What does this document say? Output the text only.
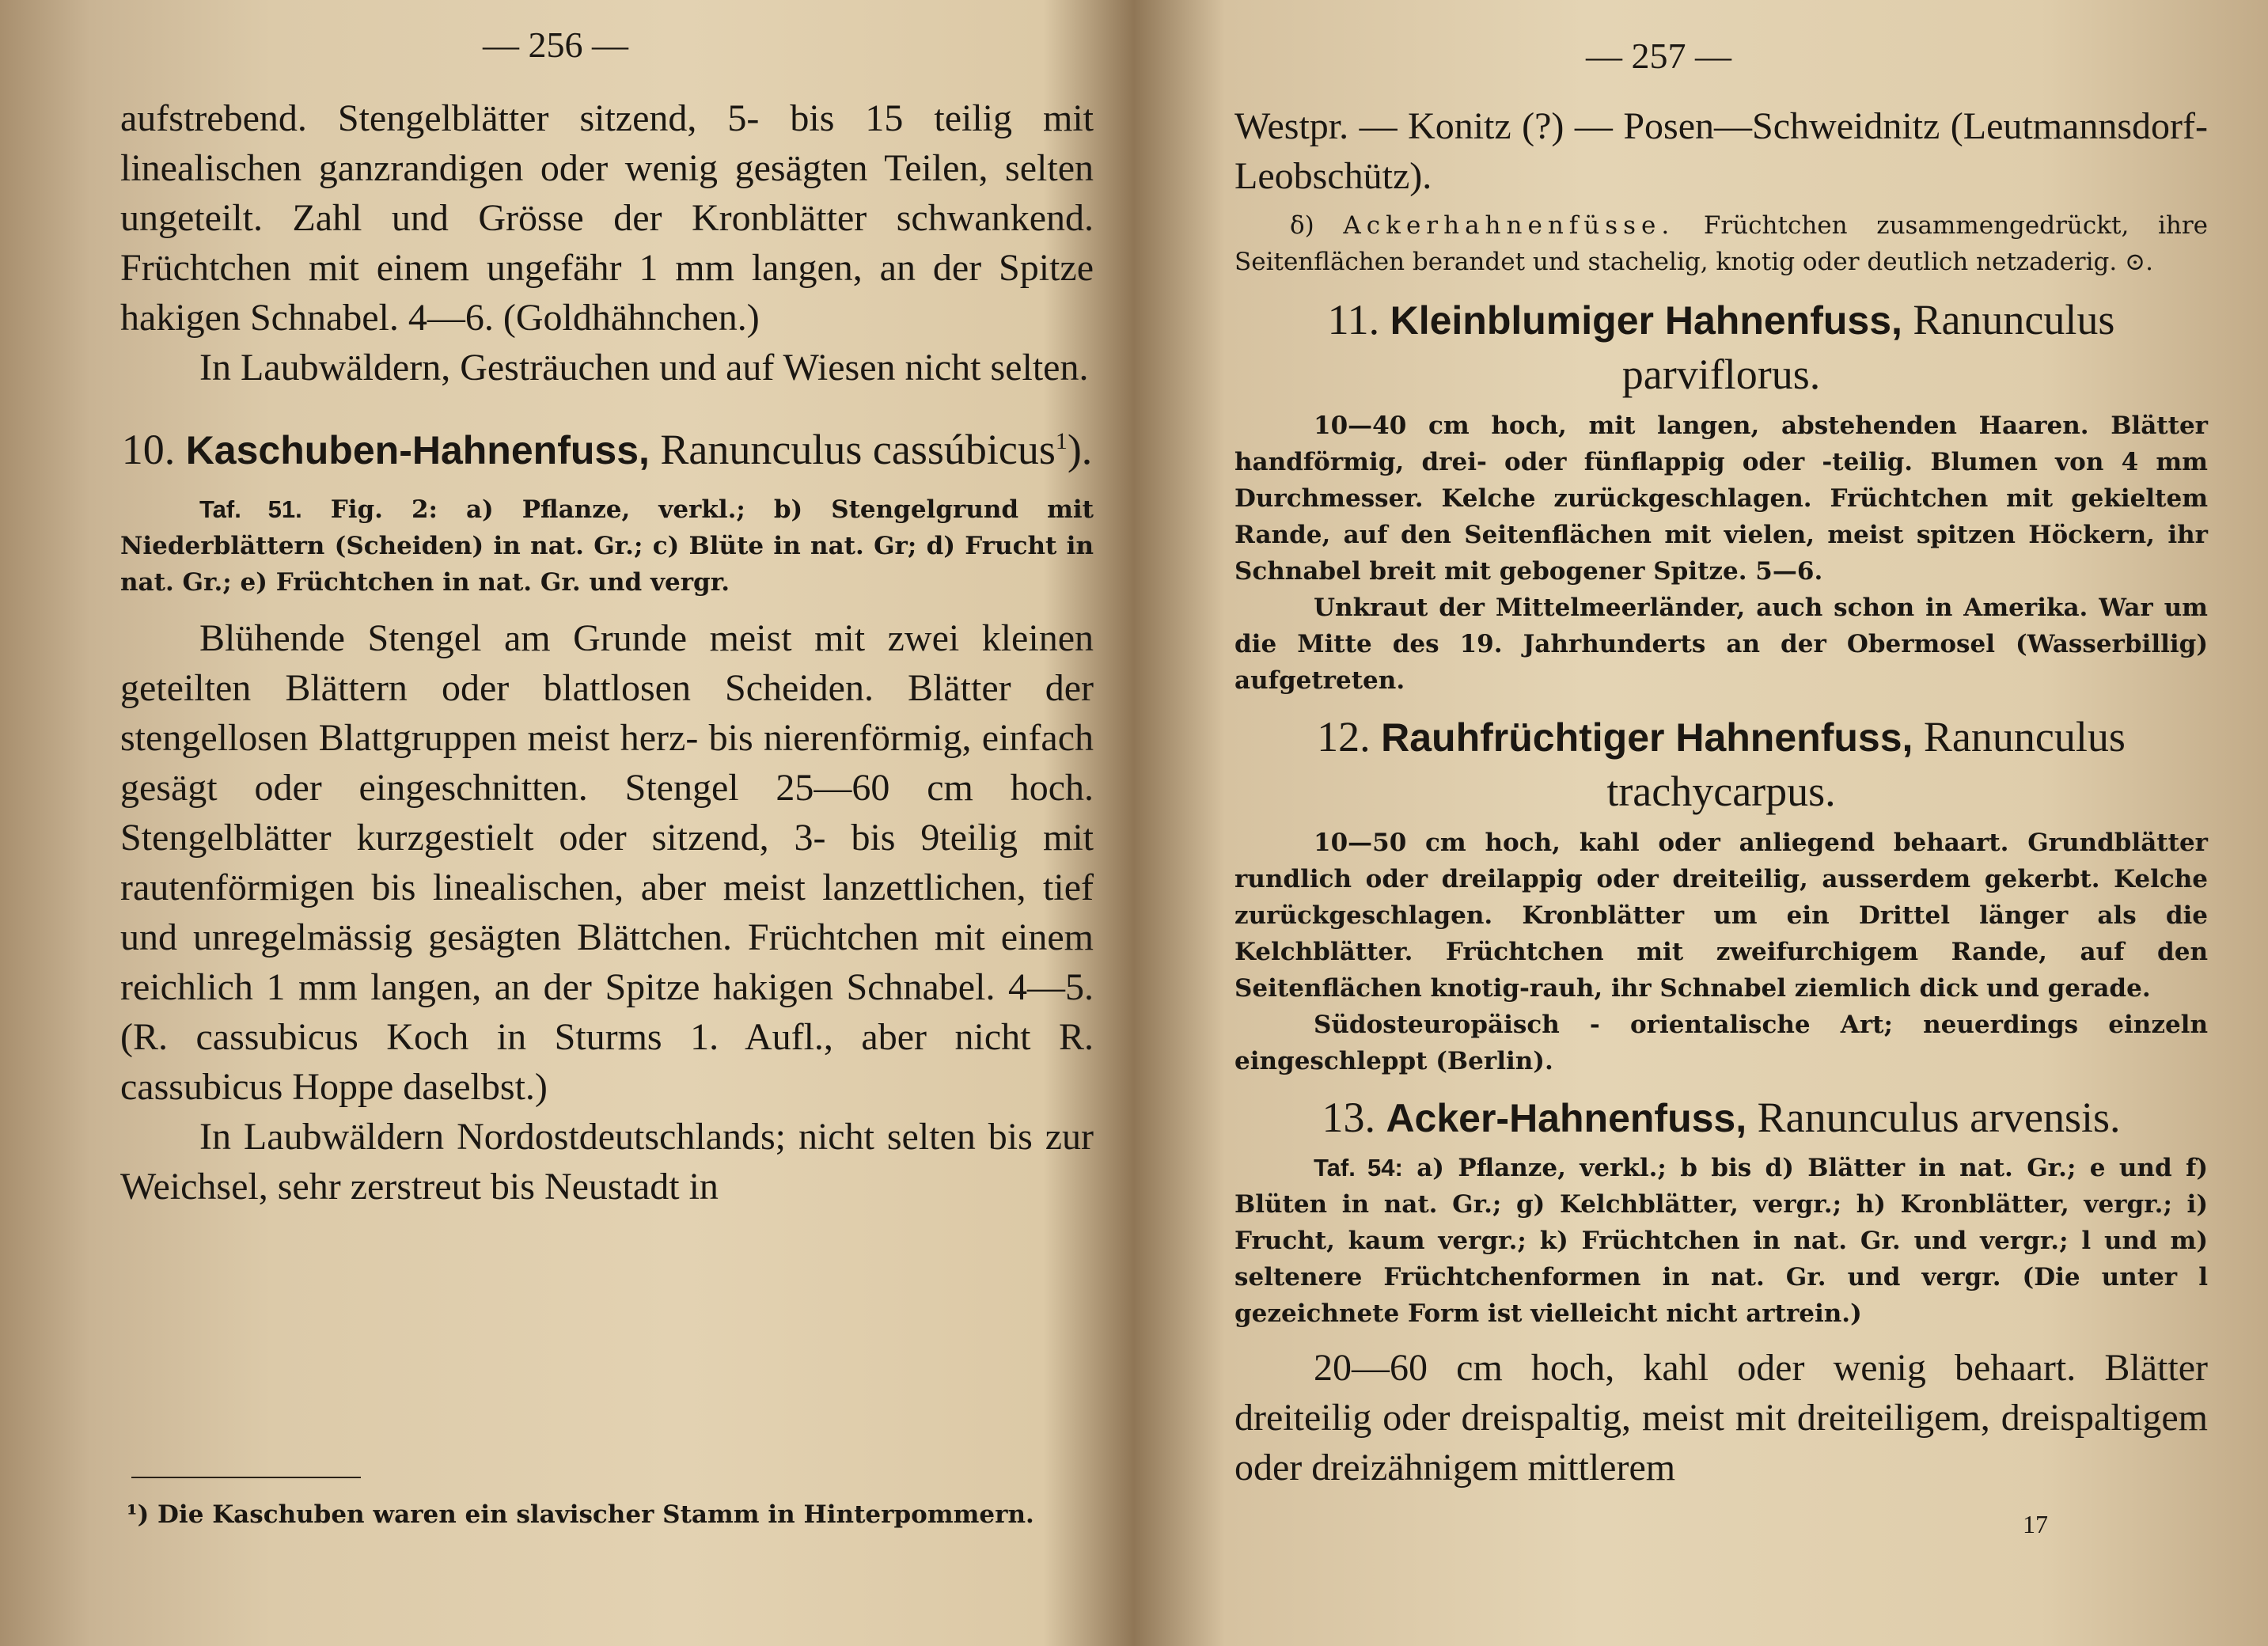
— 256 —

aufstrebend. Stengelblätter sitzend, 5- bis 15 teilig mit linealischen ganzrandigen oder wenig gesägten Teilen, selten ungeteilt. Zahl und Grösse der Kronblätter schwankend. Früchtchen mit einem ungefähr 1 mm langen, an der Spitze hakigen Schnabel. 4—6. (Goldhähnchen.)

In Laubwäldern, Gesträuchen und auf Wiesen nicht selten.

10. Kaschuben-Hahnenfuss, Ranunculus cassúbicus$^1$).

Taf. 51. Fig. 2: a) Pflanze, verkl.; b) Stengelgrund mit Niederblättern (Scheiden) in nat. Gr.; c) Blüte in nat. Gr; d) Frucht in nat. Gr.; e) Früchtchen in nat. Gr. und vergr.

Blühende Stengel am Grunde meist mit zwei kleinen geteilten Blättern oder blattlosen Scheiden. Blätter der stengellosen Blattgruppen meist herz- bis nierenförmig, einfach gesägt oder eingeschnitten. Stengel 25—60 cm hoch. Stengelblätter kurzgestielt oder sitzend, 3- bis 9teilig mit rautenförmigen bis linealischen, aber meist lanzettlichen, tief und unregelmässig gesägten Blättchen. Früchtchen mit einem reichlich 1 mm langen, an der Spitze hakigen Schnabel. 4—5. (R. cassubicus Koch in Sturms 1. Aufl., aber nicht R. cassubicus Hoppe daselbst.)

In Laubwäldern Nordostdeutschlands; nicht selten bis zur Weichsel, sehr zerstreut bis Neustadt in

¹) Die Kaschuben waren ein slavischer Stamm in Hinterpommern.
— 257 —

Westpr. — Konitz (?) — Posen—Schweidnitz (Leutmannsdorf-Leobschütz).

δ) Ackerhahnenfüsse. Früchtchen zusammengedrückt, ihre Seitenflächen berandet und stachelig, knotig oder deutlich netzaderig. ⊙.

11. Kleinblumiger Hahnenfuss, Ranunculus parviflorus.

10—40 cm hoch, mit langen, abstehenden Haaren. Blätter handförmig, drei- oder fünflappig oder -teilig. Blumen von 4 mm Durchmesser. Kelche zurückgeschlagen. Früchtchen mit gekieltem Rande, auf den Seitenflächen mit vielen, meist spitzen Höckern, ihr Schnabel breit mit gebogener Spitze. 5—6.

Unkraut der Mittelmeerländer, auch schon in Amerika. War um die Mitte des 19. Jahrhunderts an der Obermosel (Wasserbillig) aufgetreten.

12. Rauhfrüchtiger Hahnenfuss, Ranunculus trachycarpus.

10—50 cm hoch, kahl oder anliegend behaart. Grundblätter rundlich oder dreilappig oder dreiteilig, ausserdem gekerbt. Kelche zurückgeschlagen. Kronblätter um ein Drittel länger als die Kelchblätter. Früchtchen mit zweifurchigem Rande, auf den Seitenflächen knotig-rauh, ihr Schnabel ziemlich dick und gerade.

Südosteuropäisch - orientalische Art; neuerdings einzeln eingeschleppt (Berlin).

13. Acker-Hahnenfuss, Ranunculus arvensis.

Taf. 54: a) Pflanze, verkl.; b bis d) Blätter in nat. Gr.; e und f) Blüten in nat. Gr.; g) Kelchblätter, vergr.; h) Kronblätter, vergr.; i) Frucht, kaum vergr.; k) Früchtchen in nat. Gr. und vergr.; l und m) seltenere Früchtchenformen in nat. Gr. und vergr. (Die unter l gezeichnete Form ist vielleicht nicht artrein.)

20—60 cm hoch, kahl oder wenig behaart. Blätter dreiteilig oder dreispaltig, meist mit dreiteiligem, dreispaltigem oder dreizähnigem mittlerem

17
